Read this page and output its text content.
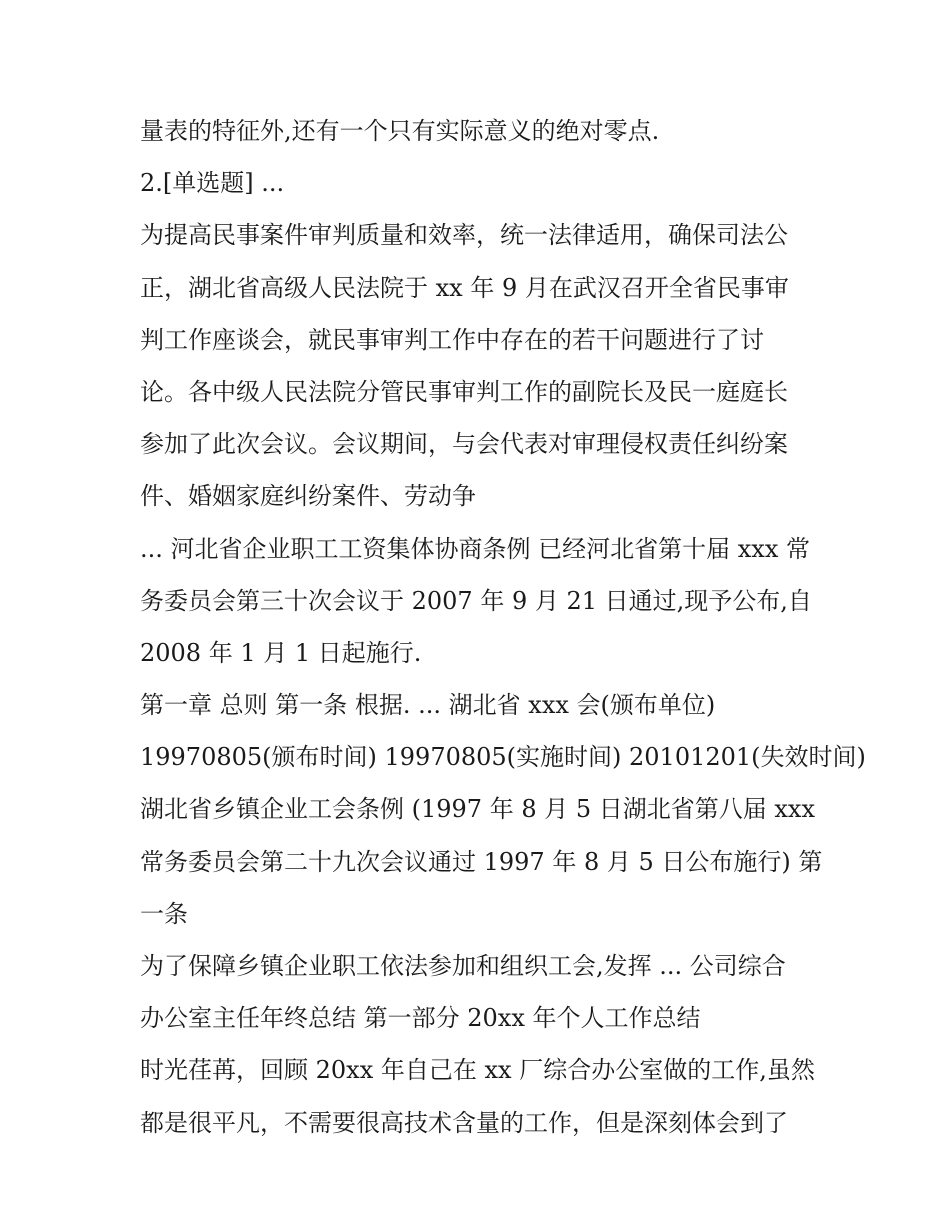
量表的特征外,还有一个只有实际意义的绝对零点.
2.[单选题] ...
为提高民事案件审判质量和效率，统一法律适用，确保司法公
正，湖北省高级人民法院于 xx 年 9 月在武汉召开全省民事审
判工作座谈会，就民事审判工作中存在的若干问题进行了讨
论。各中级人民法院分管民事审判工作的副院长及民一庭庭长
参加了此次会议。会议期间，与会代表对审理侵权责任纠纷案
件、婚姻家庭纠纷案件、劳动争
... 河北省企业职工工资集体协商条例 已经河北省第十届 xxx 常
务委员会第三十次会议于 2007 年 9 月 21 日通过,现予公布,自
2008 年 1 月 1 日起施行.
第一章 总则 第一条 根据. ... 湖北省 xxx 会(颁布单位)
19970805(颁布时间) 19970805(实施时间) 20101201(失效时间)
湖北省乡镇企业工会条例 (1997 年 8 月 5 日湖北省第八届 xxx
常务委员会第二十九次会议通过 1997 年 8 月 5 日公布施行) 第
一条
为了保障乡镇企业职工依法参加和组织工会,发挥 ... 公司综合
办公室主任年终总结 第一部分 20xx 年个人工作总结
时光荏苒，回顾 20xx 年自己在 xx 厂综合办公室做的工作,虽然
都是很平凡，不需要很高技术含量的工作，但是深刻体会到了
